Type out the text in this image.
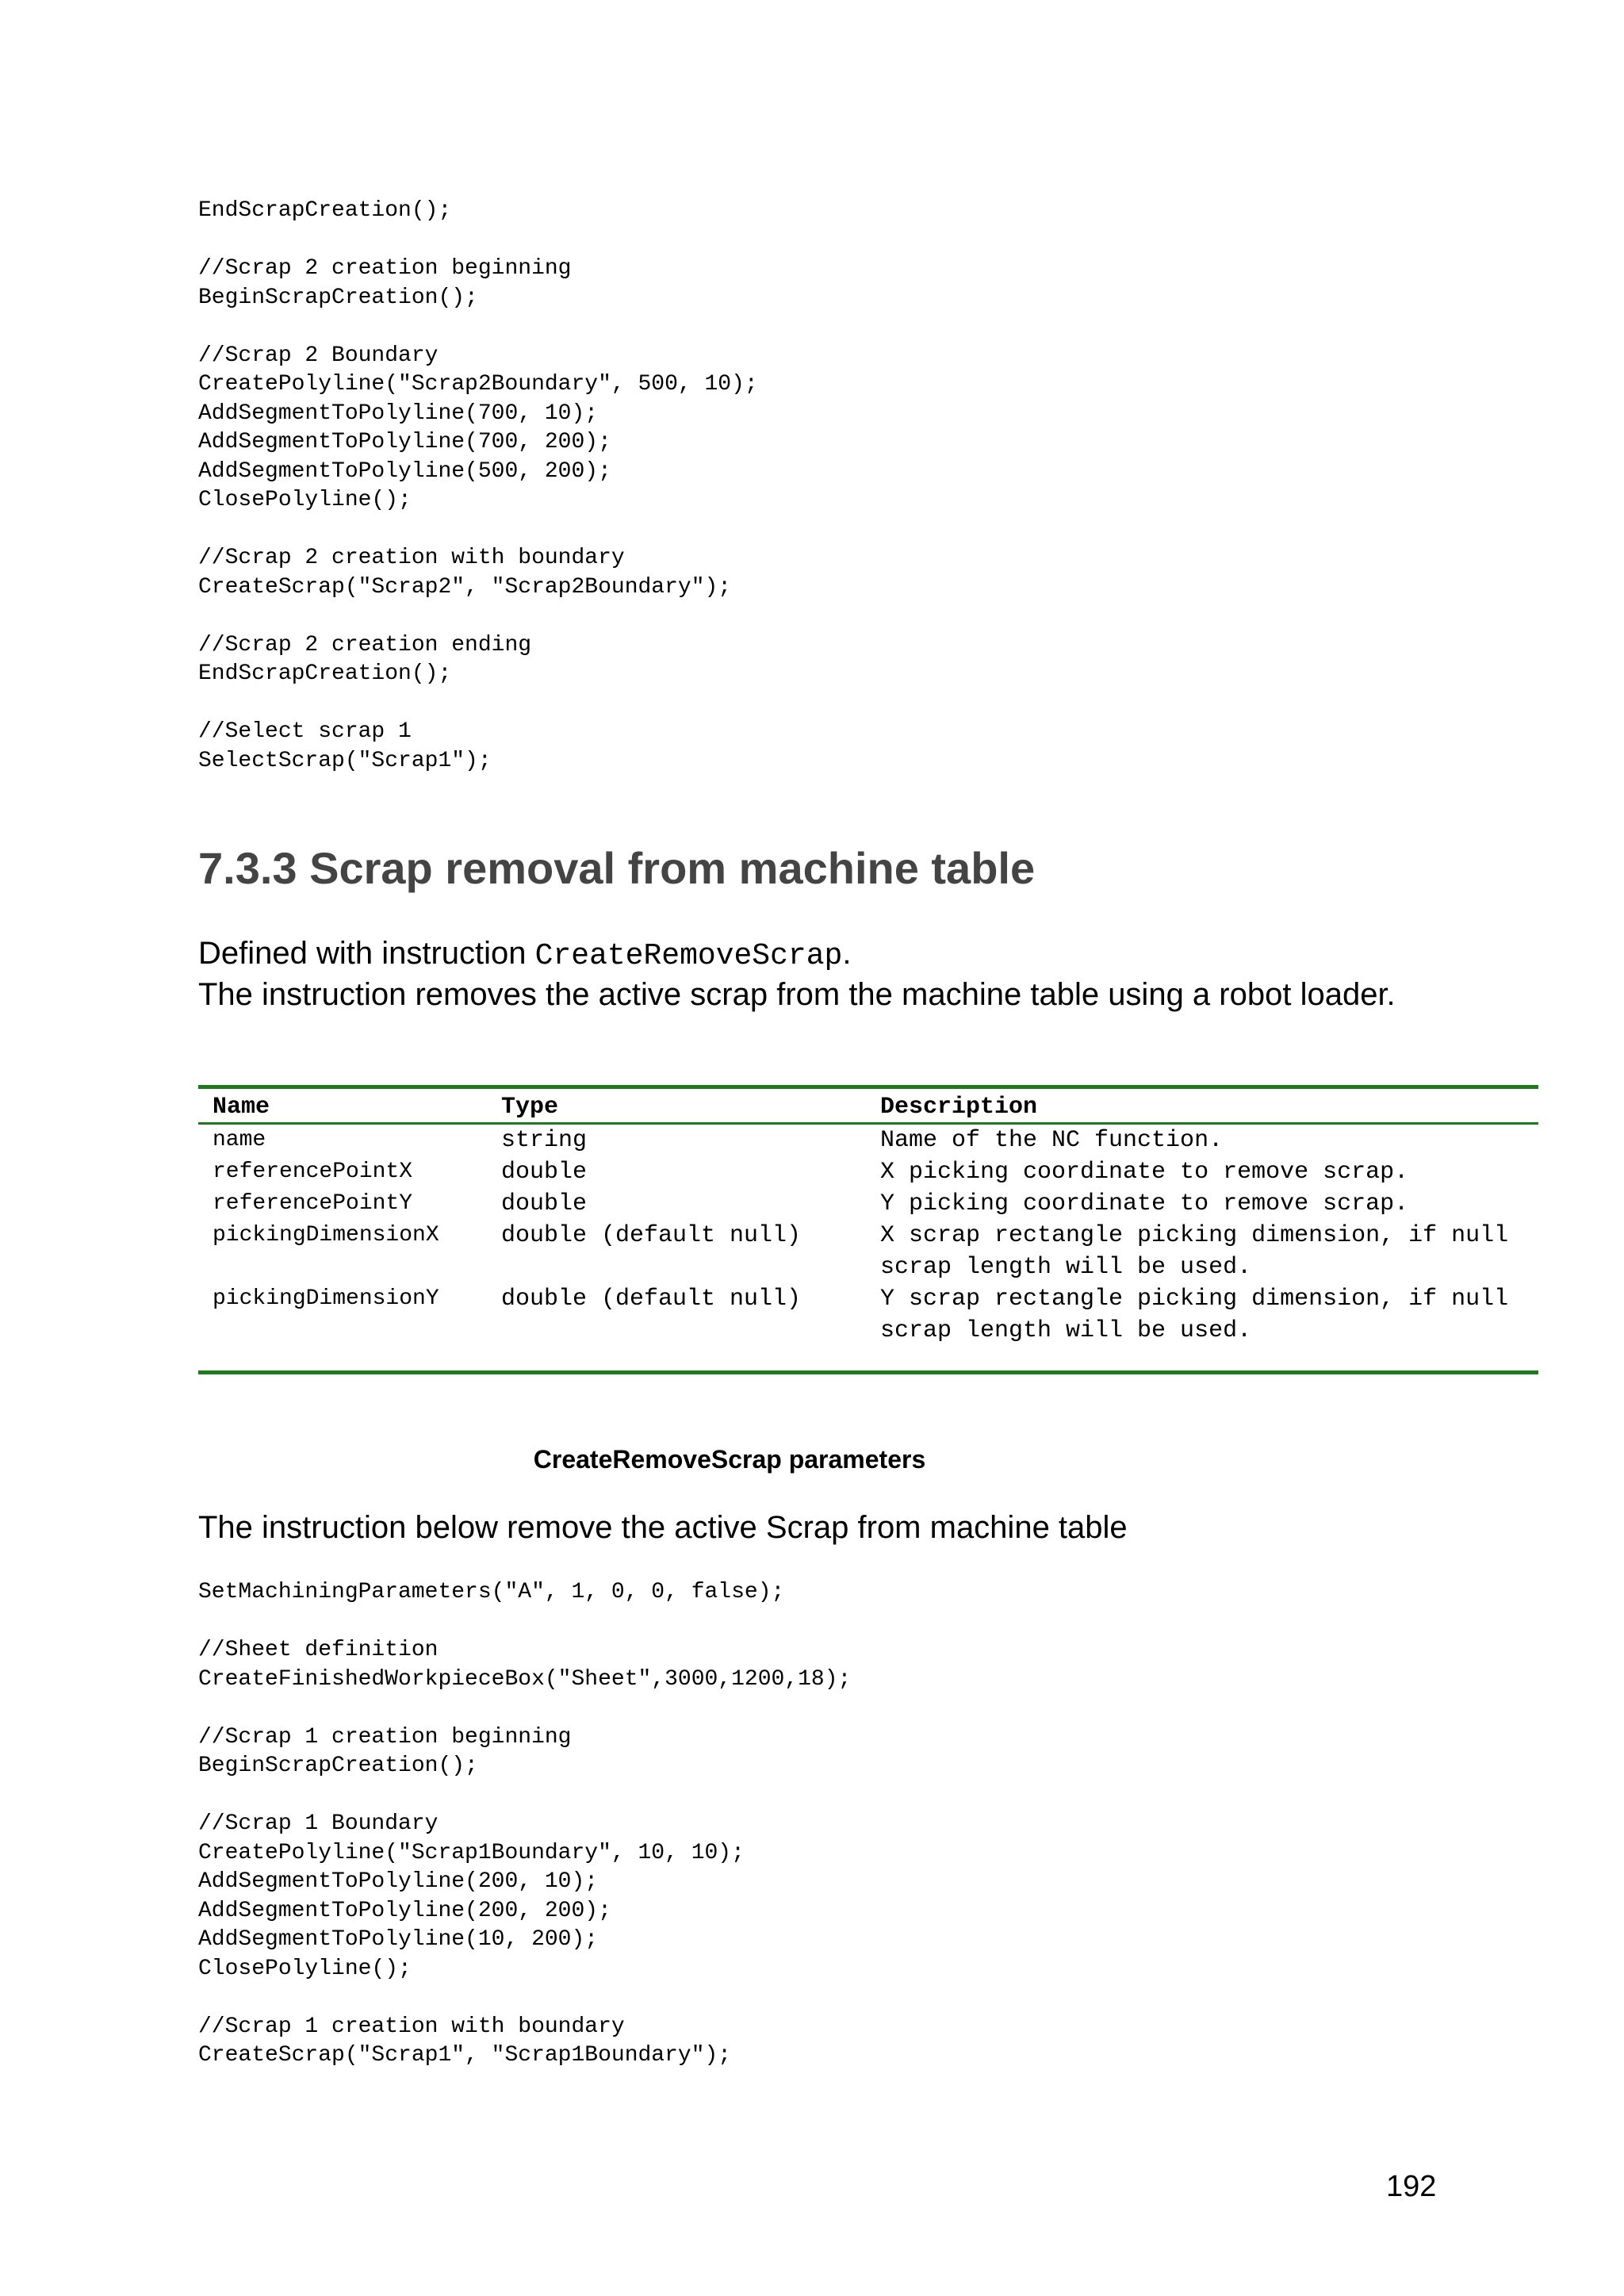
EndScrapCreation();
//Scrap 2 creation beginning
BeginScrapCreation();
//Scrap 2 Boundary
CreatePolyline("Scrap2Boundary", 500, 10);
AddSegmentToPolyline(700, 10);
AddSegmentToPolyline(700, 200);
AddSegmentToPolyline(500, 200);
ClosePolyline();
//Scrap 2 creation with boundary
CreateScrap("Scrap2", "Scrap2Boundary");
//Scrap 2 creation ending
EndScrapCreation();
//Select scrap 1
SelectScrap("Scrap1");
7.3.3 Scrap removal from machine table

Defined with instruction CreateRemoveScrap.

The instruction removes the active scrap from the machine table using a robot loader.

Name	Type	Description

name	string	Name of the NC function.
referencePointX	double	X picking coordinate to remove scrap.
referencePointY	double	Y picking coordinate to remove scrap.
pickingDimensionX	double (default null)	X scrap rectangle picking dimension, if null scrap length will be used.
pickingDimensionY	double (default null)	Y scrap rectangle picking dimension, if null scrap length will be used.

CreateRemoveScrap parameters

The instruction below remove the active Scrap from machine table

SetMachiningParameters("A", 1, 0, 0, false);
//Sheet definition
CreateFinishedWorkpieceBox("Sheet",3000,1200,18);
//Scrap 1 creation beginning
BeginScrapCreation();
//Scrap 1 Boundary
CreatePolyline("Scrap1Boundary", 10, 10);
AddSegmentToPolyline(200, 10);
AddSegmentToPolyline(200, 200);
AddSegmentToPolyline(10, 200);
ClosePolyline();
//Scrap 1 creation with boundary
CreateScrap("Scrap1", "Scrap1Boundary");

192
